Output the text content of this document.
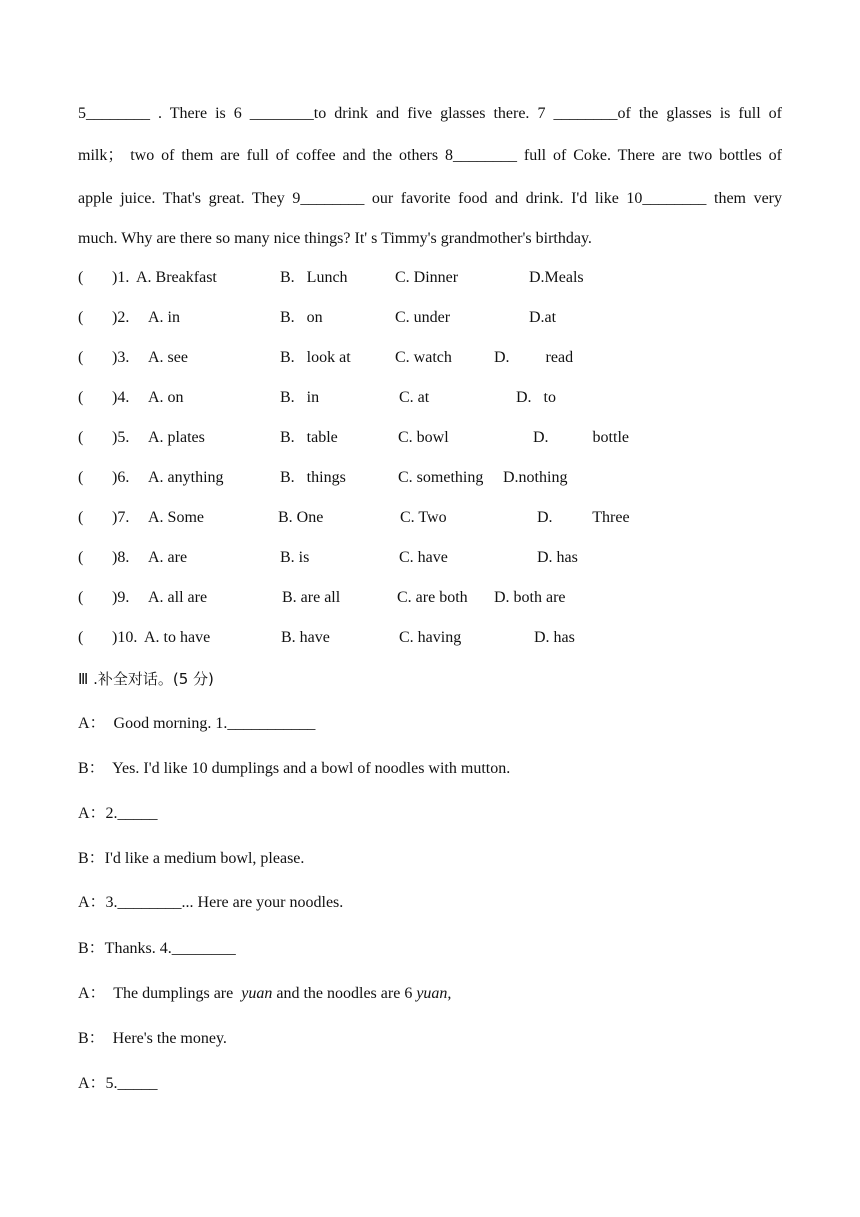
5________ . There is 6 ________to drink and five glasses there. 7 ________of the glasses is full of
milk； two of them are full of coffee and the others 8________ full of Coke. There are two bottles of
apple juice. That's great. They 9________ our favorite food and drink. I'd like 10________ them very
much. Why are there so many nice things? It' s Timmy's grandmother's birthday.
( )1. A. Breakfast	B.   Lunch	C. Dinner	D.Meals
( )2. A. in	B.   on	C. under	D.at
( )3. A. see	B.   look at	C. watch	D.         read
( )4. A. on	B.   in	C. at	D.   to
( )5. A. plates	B.   table	C. bowl	D.           bottle
( )6. A. anything	B.   things	C. something D.nothing
( )7. A. Some	B. One	C. Two	D.          Three
( )8. A. are	B. is	C. have	D. has
( )9. A. all are	B. are all	C. are both D. both are
( )10. A. to have	B. have	C. having	D. has
Ⅲ .补全对话。(5 分)
A：  Good morning. 1.___________
B：  Yes. I'd like 10 dumplings and a bowl of noodles with mutton.
A：2._____
B：I'd like a medium bowl, please.
A：3.________... Here are your noodles.
B：Thanks. 4.________
A：  The dumplings are  yuan and the noodles are 6 yuan,
B：  Here's the money.
A：5._____
